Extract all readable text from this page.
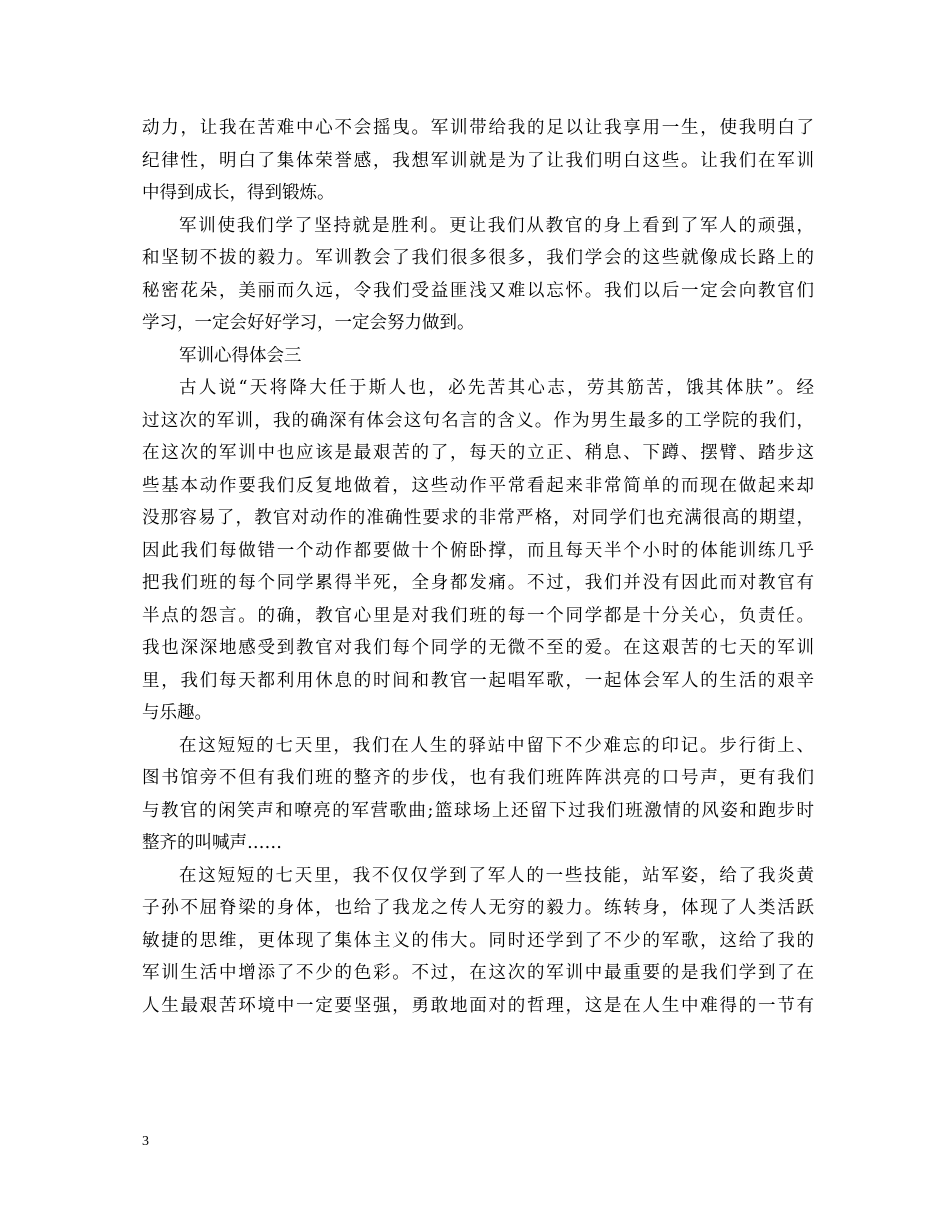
动力，让我在苦难中心不会摇曳。军训带给我的足以让我享用一生，使我明白了
纪律性，明白了集体荣誉感，我想军训就是为了让我们明白这些。让我们在军训
中得到成长，得到锻炼。
军训使我们学了坚持就是胜利。更让我们从教官的身上看到了军人的顽强，
和坚韧不拔的毅力。军训教会了我们很多很多，我们学会的这些就像成长路上的
秘密花朵，美丽而久远，令我们受益匪浅又难以忘怀。我们以后一定会向教官们
学习，一定会好好学习，一定会努力做到。
军训心得体会三
古人说“天将降大任于斯人也，必先苦其心志，劳其筋苦，饿其体肤”。经
过这次的军训，我的确深有体会这句名言的含义。作为男生最多的工学院的我们，
在这次的军训中也应该是最艰苦的了，每天的立正、稍息、下蹲、摆臂、踏步这
些基本动作要我们反复地做着，这些动作平常看起来非常简单的而现在做起来却
没那容易了，教官对动作的准确性要求的非常严格，对同学们也充满很高的期望，
因此我们每做错一个动作都要做十个俯卧撑，而且每天半个小时的体能训练几乎
把我们班的每个同学累得半死，全身都发痛。不过，我们并没有因此而对教官有
半点的怨言。的确，教官心里是对我们班的每一个同学都是十分关心，负责任。
我也深深地感受到教官对我们每个同学的无微不至的爱。在这艰苦的七天的军训
里，我们每天都利用休息的时间和教官一起唱军歌，一起体会军人的生活的艰辛
与乐趣。
在这短短的七天里，我们在人生的驿站中留下不少难忘的印记。步行街上、
图书馆旁不但有我们班的整齐的步伐，也有我们班阵阵洪亮的口号声，更有我们
与教官的闲笑声和嘹亮的军营歌曲;篮球场上还留下过我们班激情的风姿和跑步时
整齐的叫喊声……
在这短短的七天里，我不仅仅学到了军人的一些技能，站军姿，给了我炎黄
子孙不屈脊梁的身体，也给了我龙之传人无穷的毅力。练转身，体现了人类活跃
敏捷的思维，更体现了集体主义的伟大。同时还学到了不少的军歌，这给了我的
军训生活中增添了不少的色彩。不过，在这次的军训中最重要的是我们学到了在
人生最艰苦环境中一定要坚强，勇敢地面对的哲理，这是在人生中难得的一节有
3
